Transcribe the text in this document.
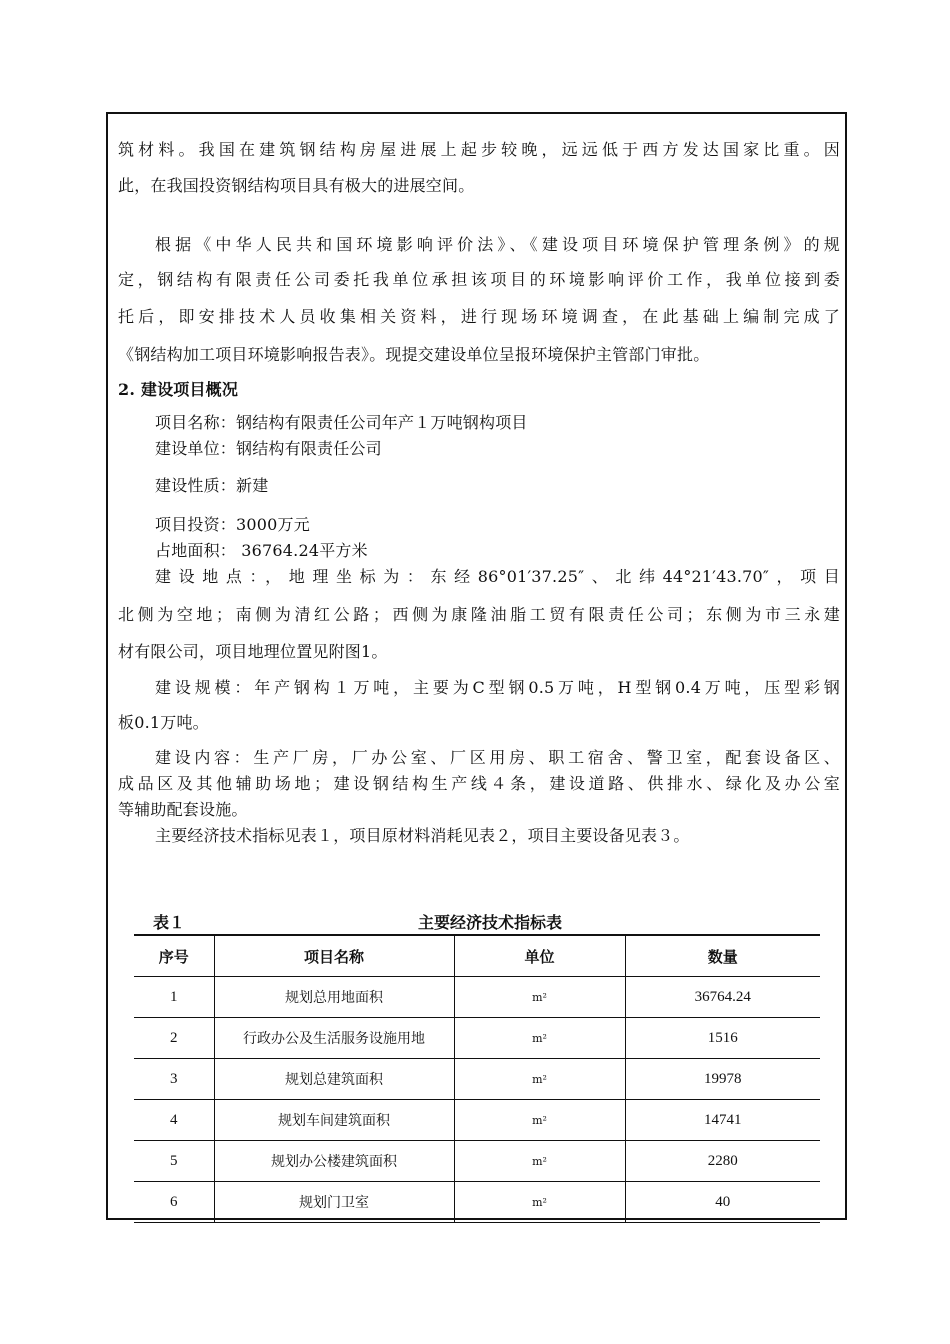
筑材料。我国在建筑钢结构房屋进展上起步较晚，远远低于西方发达国家比重。因
此，在我国投资钢结构项目具有极大的进展空间。
根据《中华人民共和国环境影响评价法》、《建设项目环境保护管理条例》的规
定，钢结构有限责任公司委托我单位承担该项目的环境影响评价工作，我单位接到委
托后，即安排技术人员收集相关资料，进行现场环境调查，在此基础上编制完成了
《钢结构加工项目环境影响报告表》。现提交建设单位呈报环境保护主管部门审批。
2. 建设项目概况
项目名称：钢结构有限责任公司年产１万吨钢构项目
建设单位：钢结构有限责任公司
建设性质：新建
项目投资：3000万元
占地面积： 36764.24平方米
建设地点：，地理坐标为：东经86°01′37.25″、北纬44°21′43.70″，项目
北侧为空地；南侧为清红公路；西侧为康隆油脂工贸有限责任公司；东侧为市三永建
材有限公司，项目地理位置见附图1。
建设规模：年产钢构１万吨，主要为C型钢0.5万吨，H型钢0.4万吨，压型彩钢
板0.1万吨。
建设内容：生产厂房，厂办公室、厂区用房、职工宿舍、警卫室，配套设备区、
成品区及其他辅助场地；建设钢结构生产线４条，建设道路、供排水、绿化及办公室
等辅助配套设施。
主要经济技术指标见表１，项目原材料消耗见表２，项目主要设备见表３。
表１	主要经济技术指标表
序号	项目名称	单位	数量
1	规划总用地面积	m²	36764.24
2	行政办公及生活服务设施用地	m²	1516
3	规划总建筑面积	m²	19978
4	规划车间建筑面积	m²	14741
5	规划办公楼建筑面积	m²	2280
6	规划门卫室	m²	40
